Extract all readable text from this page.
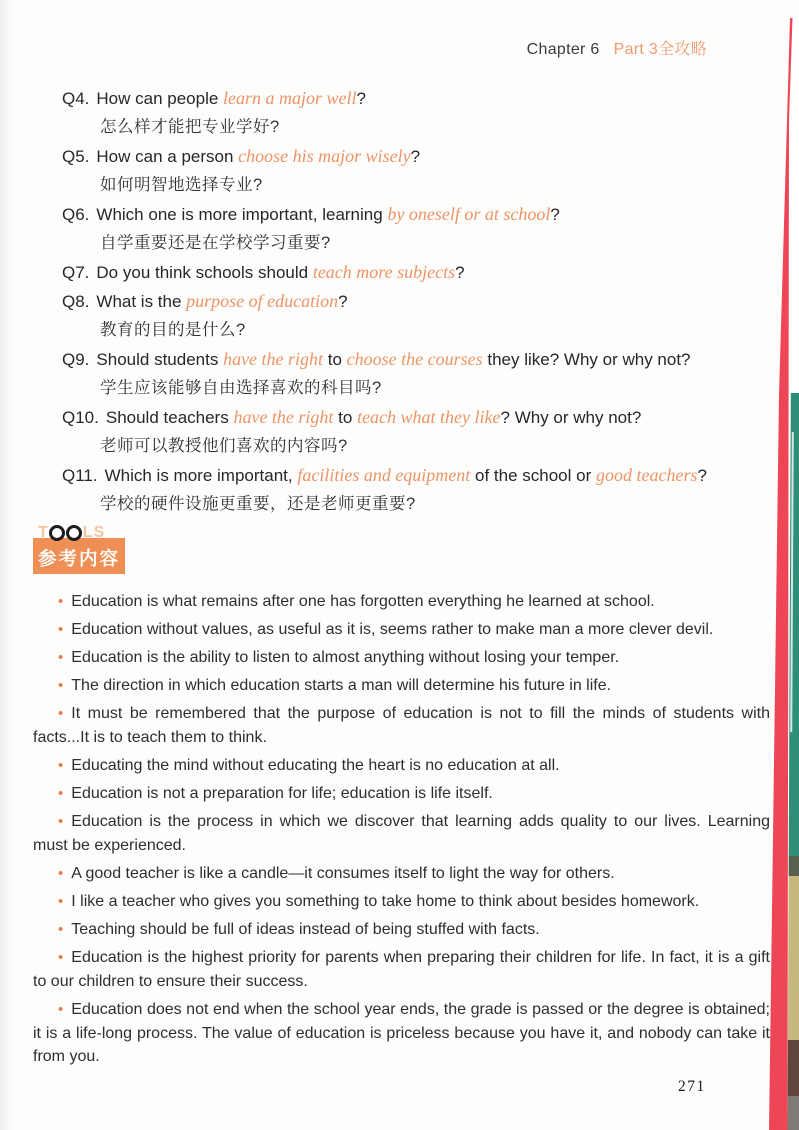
Chapter 6 Part 3全攻略
Q4. How can people learn a major well?
怎么样才能把专业学好?
Q5. How can a person choose his major wisely?
如何明智地选择专业?
Q6. Which one is more important, learning by oneself or at school?
自学重要还是在学校学习重要?
Q7. Do you think schools should teach more subjects?
Q8. What is the purpose of education?
教育的目的是什么?
Q9. Should students have the right to choose the courses they like? Why or why not?
学生应该能够自由选择喜欢的科目吗?
Q10. Should teachers have the right to teach what they like? Why or why not?
老师可以教授他们喜欢的内容吗?
Q11. Which is more important, facilities and equipment of the school or good teachers?
学校的硬件设施更重要，还是老师更重要?
T L S
参考内容

• Education is what remains after one has forgotten everything he learned at school.

• Education without values, as useful as it is, seems rather to make man a more clever devil.

• Education is the ability to listen to almost anything without losing your temper.

• The direction in which education starts a man will determine his future in life.

• It must be remembered that the purpose of education is not to fill the minds of students with facts...It is to teach them to think.

• Educating the mind without educating the heart is no education at all.

• Education is not a preparation for life; education is life itself.

• Education is the process in which we discover that learning adds quality to our lives. Learning must be experienced.

• A good teacher is like a candle—it consumes itself to light the way for others.

• I like a teacher who gives you something to take home to think about besides homework.

• Teaching should be full of ideas instead of being stuffed with facts.

• Education is the highest priority for parents when preparing their children for life. In fact, it is a gift to our children to ensure their success.

• Education does not end when the school year ends, the grade is passed or the degree is obtained; it is a life-long process. The value of education is priceless because you have it, and nobody can take it from you.

271
